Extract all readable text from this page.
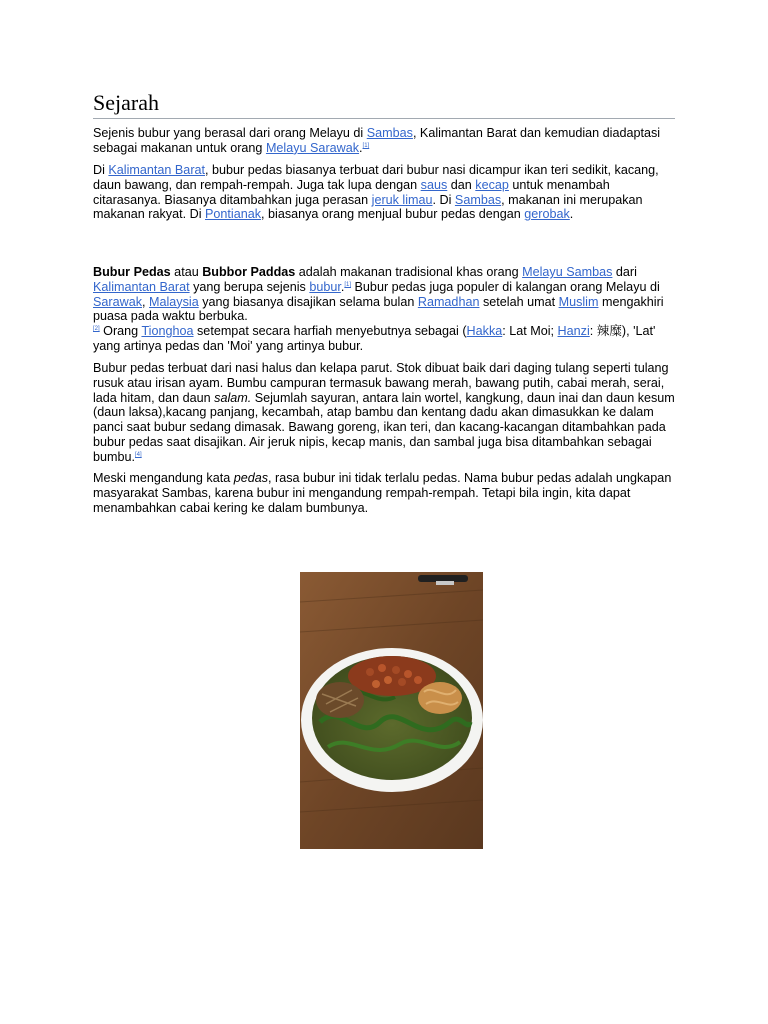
Sejarah

Sejenis bubur yang berasal dari orang Melayu di Sambas, Kalimantan Barat dan kemudian diadaptasi sebagai makanan untuk orang Melayu Sarawak.[1]

Di Kalimantan Barat, bubur pedas biasanya terbuat dari bubur nasi dicampur ikan teri sedikit, kacang, daun bawang, dan rempah-rempah. Juga tak lupa dengan saus dan kecap untuk menambah citarasanya. Biasanya ditambahkan juga perasan jeruk limau. Di Sambas, makanan ini merupakan makanan rakyat. Di Pontianak, biasanya orang menjual bubur pedas dengan gerobak.

Bubur Pedas atau Bubbor Paddas adalah makanan tradisional khas orang Melayu Sambas dari Kalimantan Barat yang berupa sejenis bubur.[1] Bubur pedas juga populer di kalangan orang Melayu di Sarawak, Malaysia yang biasanya disajikan selama bulan Ramadhan setelah umat Muslim mengakhiri puasa pada waktu berbuka.
[2] Orang Tionghoa setempat secara harfiah menyebutnya sebagai (Hakka: Lat Moi; Hanzi: 辣糜), 'Lat' yang artinya pedas dan 'Moi' yang artinya bubur.

Bubur pedas terbuat dari nasi halus dan kelapa parut. Stok dibuat baik dari daging tulang seperti tulang rusuk atau irisan ayam. Bumbu campuran termasuk bawang merah, bawang putih, cabai merah, serai, lada hitam, dan daun salam. Sejumlah sayuran, antara lain wortel, kangkung, daun inai dan daun kesum (daun laksa),kacang panjang, kecambah, atap bambu dan kentang dadu akan dimasukkan ke dalam panci saat bubur sedang dimasak. Bawang goreng, ikan teri, dan kacang-kacangan ditambahkan pada bubur pedas saat disajikan. Air jeruk nipis, kecap manis, dan sambal juga bisa ditambahkan sebagai bumbu.[4]

Meski mengandung kata pedas, rasa bubur ini tidak terlalu pedas. Nama bubur pedas adalah ungkapan masyarakat Sambas, karena bubur ini mengandung rempah-rempah. Tetapi bila ingin, kita dapat menambahkan cabai kering ke dalam bumbunya.
